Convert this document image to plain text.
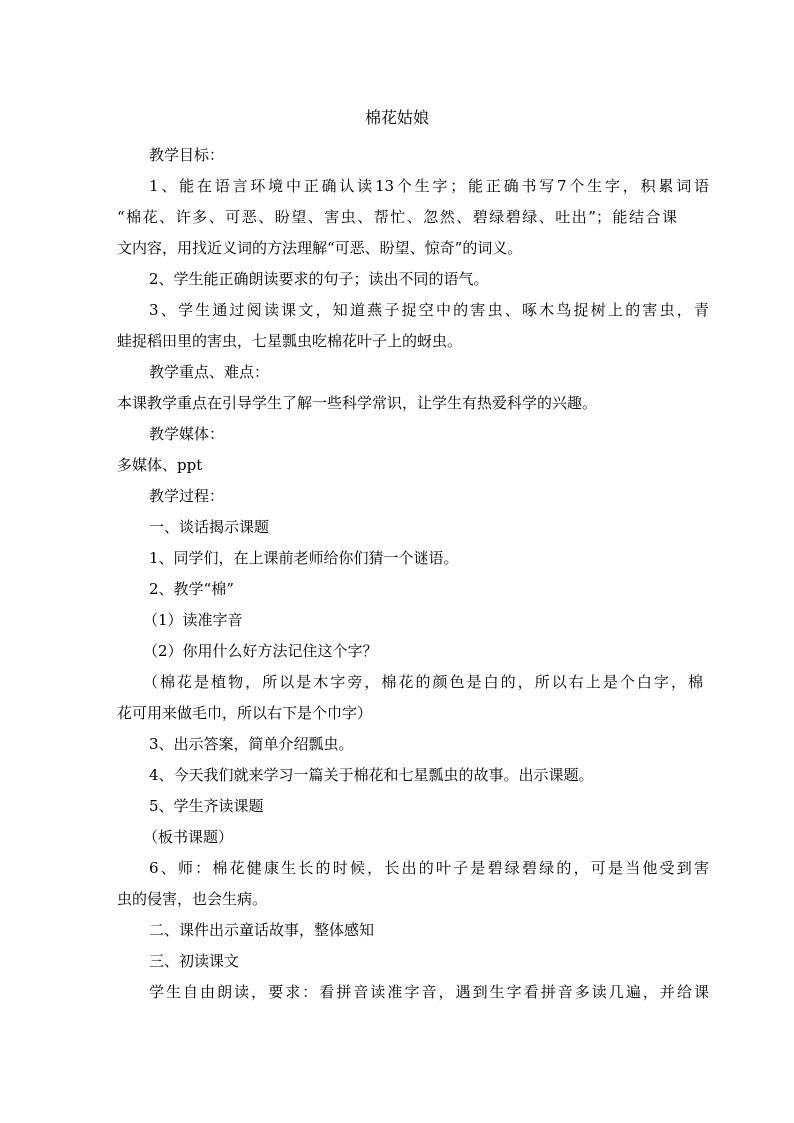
棉花姑娘
教学目标：
1、能在语言环境中正确认读13个生字；能正确书写7个生字，积累词语
“棉花、许多、可恶、盼望、害虫、帮忙、忽然、碧绿碧绿、吐出”；能结合课
文内容，用找近义词的方法理解“可恶、盼望、惊奇”的词义。
2、学生能正确朗读要求的句子；读出不同的语气。
3、学生通过阅读课文，知道燕子捉空中的害虫、啄木鸟捉树上的害虫，青
蛙捉稻田里的害虫，七星瓢虫吃棉花叶子上的蚜虫。
教学重点、难点：
本课教学重点在引导学生了解一些科学常识，让学生有热爱科学的兴趣。
教学媒体：
多媒体、ppt
教学过程：
一、谈话揭示课题
1、同学们，在上课前老师给你们猜一个谜语。
2、教学“棉”
（1）读准字音
（2）你用什么好方法记住这个字？
（棉花是植物，所以是木字旁，棉花的颜色是白的，所以右上是个白字，棉
花可用来做毛巾，所以右下是个巾字）
3、出示答案，简单介绍瓢虫。
4、今天我们就来学习一篇关于棉花和七星瓢虫的故事。出示课题。
5、学生齐读课题
（板书课题）
6、师：棉花健康生长的时候，长出的叶子是碧绿碧绿的，可是当他受到害
虫的侵害，也会生病。
二、课件出示童话故事，整体感知
三、初读课文
学生自由朗读，要求：看拼音读准字音，遇到生字看拼音多读几遍，并给课
